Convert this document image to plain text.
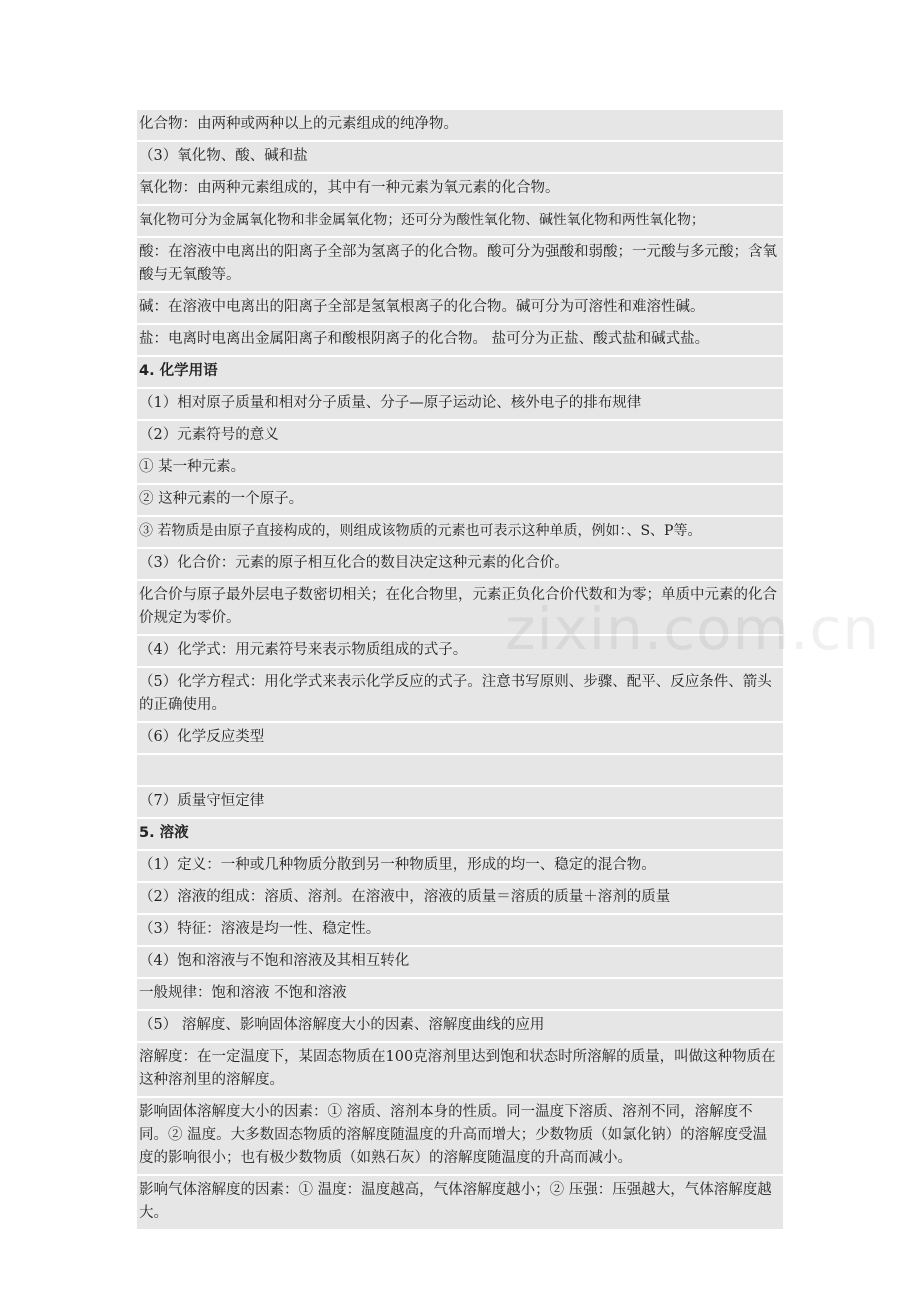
化合物：由两种或两种以上的元素组成的纯净物。
（3）氧化物、酸、碱和盐
氧化物：由两种元素组成的，其中有一种元素为氧元素的化合物。
氧化物可分为金属氧化物和非金属氧化物；还可分为酸性氧化物、碱性氧化物和两性氧化物；
酸：在溶液中电离出的阳离子全部为氢离子的化合物。酸可分为强酸和弱酸；一元酸与多元酸；含氧酸与无氧酸等。
碱：在溶液中电离出的阳离子全部是氢氧根离子的化合物。碱可分为可溶性和难溶性碱。
盐：电离时电离出金属阳离子和酸根阴离子的化合物。 盐可分为正盐、酸式盐和碱式盐。
4. 化学用语
（1）相对原子质量和相对分子质量、分子—原子运动论、核外电子的排布规律
（2）元素符号的意义
① 某一种元素。
② 这种元素的一个原子。
③ 若物质是由原子直接构成的，则组成该物质的元素也可表示这种单质，例如：、S、P等。
（3）化合价：元素的原子相互化合的数目决定这种元素的化合价。
化合价与原子最外层电子数密切相关；在化合物里，元素正负化合价代数和为零；单质中元素的化合价规定为零价。
（4）化学式：用元素符号来表示物质组成的式子。
（5）化学方程式：用化学式来表示化学反应的式子。注意书写原则、步骤、配平、反应条件、箭头的正确使用。
（6）化学反应类型
（7）质量守恒定律
5. 溶液
（1）定义：一种或几种物质分散到另一种物质里，形成的均一、稳定的混合物。
（2）溶液的组成：溶质、溶剂。在溶液中，溶液的质量＝溶质的质量＋溶剂的质量
（3）特征：溶液是均一性、稳定性。
（4）饱和溶液与不饱和溶液及其相互转化
一般规律：饱和溶液 不饱和溶液
（5） 溶解度、影响固体溶解度大小的因素、溶解度曲线的应用
溶解度：在一定温度下，某固态物质在100克溶剂里达到饱和状态时所溶解的质量，叫做这种物质在这种溶剂里的溶解度。
影响固体溶解度大小的因素：① 溶质、溶剂本身的性质。同一温度下溶质、溶剂不同，溶解度不同。② 温度。大多数固态物质的溶解度随温度的升高而增大；少数物质（如氯化钠）的溶解度受温度的影响很小；也有极少数物质（如熟石灰）的溶解度随温度的升高而减小。
影响气体溶解度的因素：① 温度：温度越高，气体溶解度越小；② 压强：压强越大，气体溶解度越大。
